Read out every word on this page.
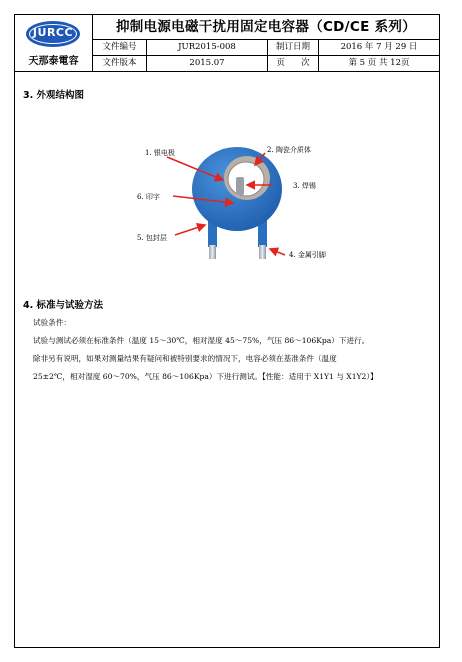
JURCC
天那泰電容
抑制电源电磁干扰用固定电容器（CD/CE 系列）
文件编号	JUR2015-008	制订日期	2016 年 7 月 29 日
文件版本	2015.07	页      次	第 5 页 共 12页
3. 外观结构图
1. 银电极	2. 陶瓷介质体
3. 焊锡
6. 印字
5. 包封层
4. 金属引脚
4. 标准与试验方法
试验条件：
试验与测试必须在标准条件（温度 15～30℃，相对湿度 45～75%，气压 86～106Kpa）下进行。
除非另有说明，如果对测量结果有疑问和被特别要求的情况下，电容必须在基准条件（温度
25±2℃，相对湿度 60～70%，气压 86～106Kpa）下进行测试。【性能：适用于 X1Y1 与 X1Y2）】
